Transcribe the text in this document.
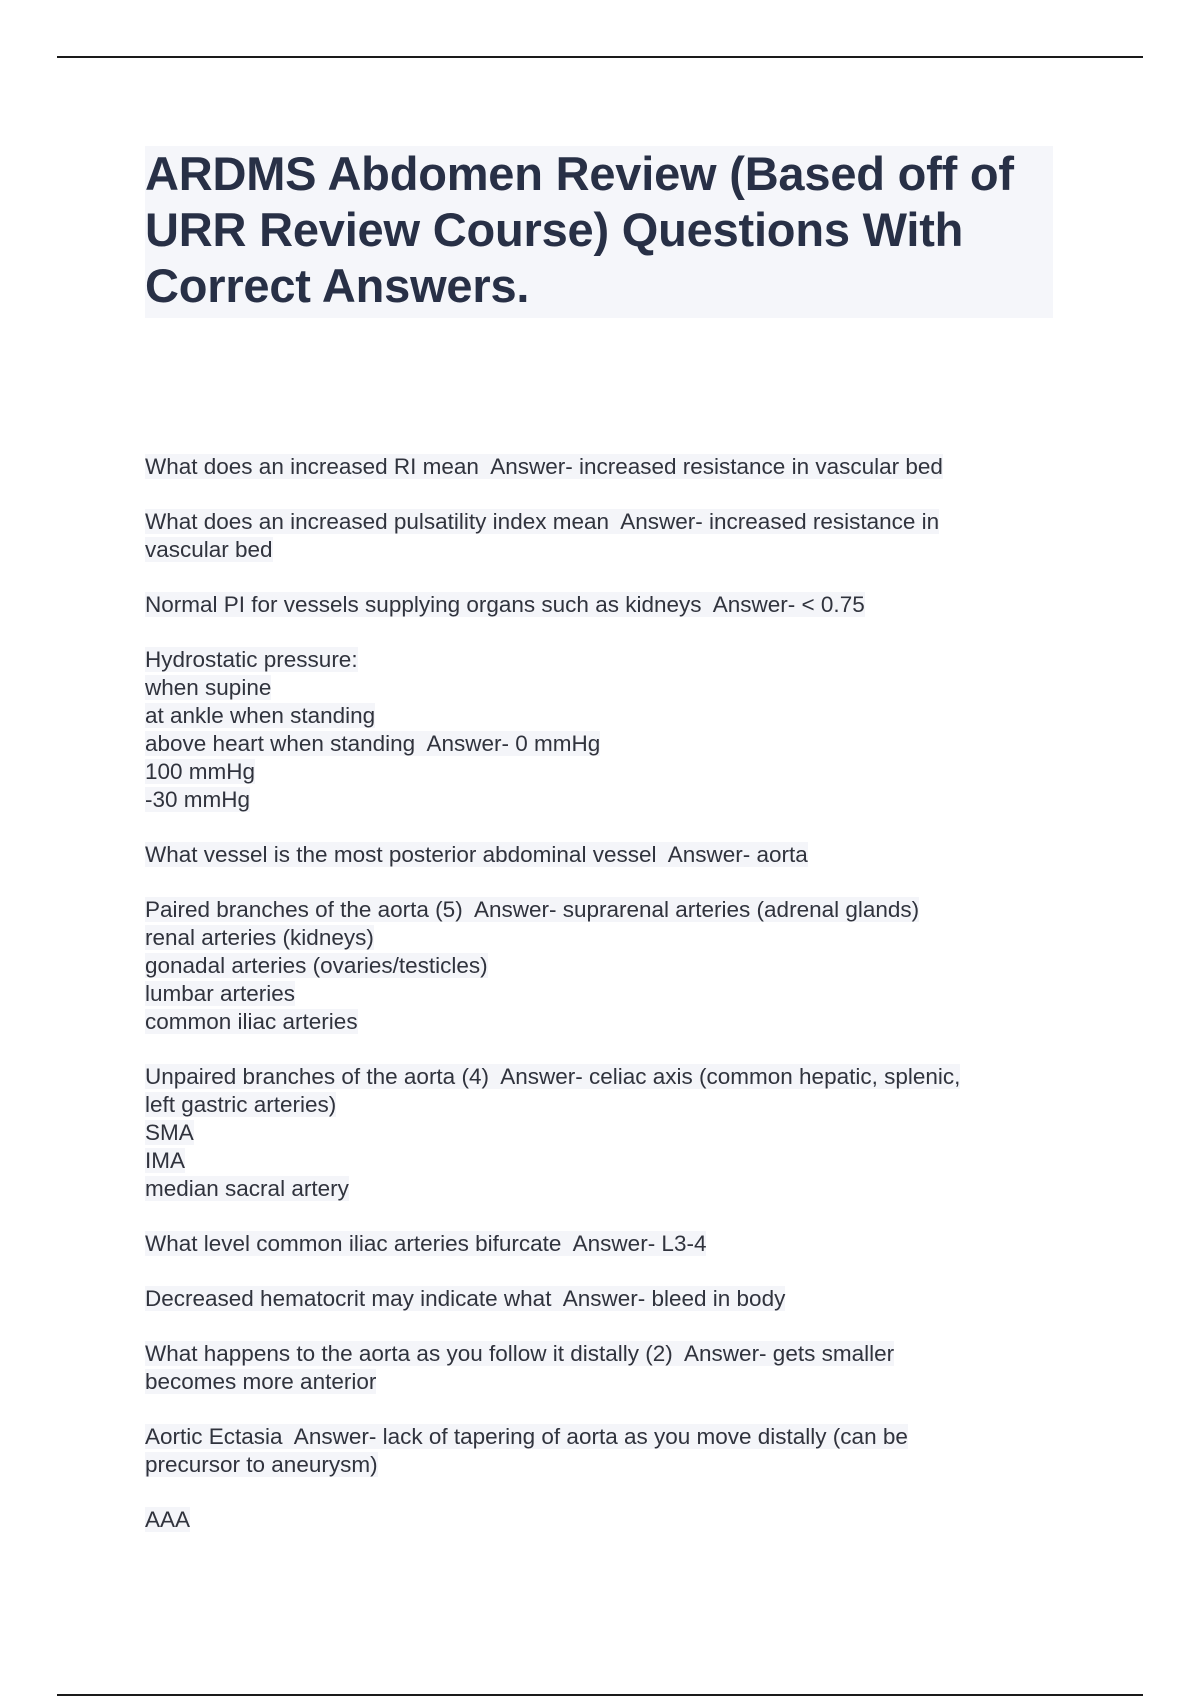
ARDMS Abdomen Review (Based off of URR Review Course) Questions With Correct Answers.

What does an increased RI mean  Answer- increased resistance in vascular bed

What does an increased pulsatility index mean  Answer- increased resistance in
vascular bed

Normal PI for vessels supplying organs such as kidneys  Answer- < 0.75

Hydrostatic pressure:
when supine
at ankle when standing
above heart when standing  Answer- 0 mmHg
100 mmHg
-30 mmHg

What vessel is the most posterior abdominal vessel  Answer- aorta

Paired branches of the aorta (5)  Answer- suprarenal arteries (adrenal glands)
renal arteries (kidneys)
gonadal arteries (ovaries/testicles)
lumbar arteries
common iliac arteries

Unpaired branches of the aorta (4)  Answer- celiac axis (common hepatic, splenic,
left gastric arteries)
SMA
IMA
median sacral artery

What level common iliac arteries bifurcate  Answer- L3-4

Decreased hematocrit may indicate what  Answer- bleed in body

What happens to the aorta as you follow it distally (2)  Answer- gets smaller
becomes more anterior

Aortic Ectasia  Answer- lack of tapering of aorta as you move distally (can be
precursor to aneurysm)

AAA
